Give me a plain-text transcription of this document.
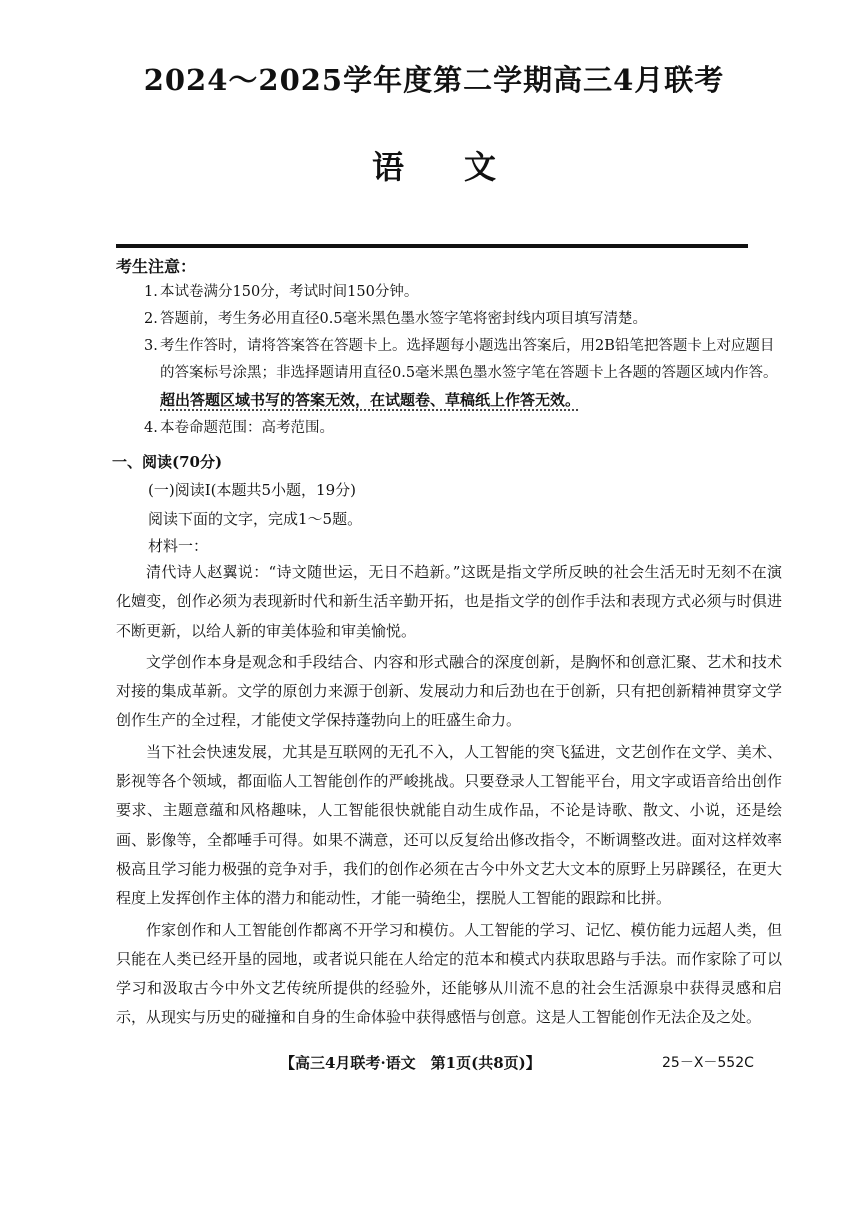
2024～2025学年度第二学期高三4月联考
语文
考生注意：
1. 本试卷满分150分，考试时间150分钟。
2. 答题前，考生务必用直径0.5毫米黑色墨水签字笔将密封线内项目填写清楚。
3. 考生作答时，请将答案答在答题卡上。选择题每小题选出答案后，用2B铅笔把答题卡上对应题目的答案标号涂黑；非选择题请用直径0.5毫米黑色墨水签字笔在答题卡上各题的答题区域内作答。超出答题区域书写的答案无效，在试题卷、草稿纸上作答无效。
4. 本卷命题范围：高考范围。
一、阅读(70分)
(一)阅读Ⅰ(本题共5小题，19分)
阅读下面的文字，完成1～5题。
材料一：

清代诗人赵翼说：“诗文随世运，无日不趋新。”这既是指文学所反映的社会生活无时无刻不在演化嬗变，创作必须为表现新时代和新生活辛勤开拓，也是指文学的创作手法和表现方式必须与时俱进不断更新，以给人新的审美体验和审美愉悦。

文学创作本身是观念和手段结合、内容和形式融合的深度创新，是胸怀和创意汇聚、艺术和技术对接的集成革新。文学的原创力来源于创新、发展动力和后劲也在于创新，只有把创新精神贯穿文学创作生产的全过程，才能使文学保持蓬勃向上的旺盛生命力。

当下社会快速发展，尤其是互联网的无孔不入，人工智能的突飞猛进，文艺创作在文学、美术、影视等各个领域，都面临人工智能创作的严峻挑战。只要登录人工智能平台，用文字或语音给出创作要求、主题意蕴和风格趣味，人工智能很快就能自动生成作品，不论是诗歌、散文、小说，还是绘画、影像等，全都唾手可得。如果不满意，还可以反复给出修改指令，不断调整改进。面对这样效率极高且学习能力极强的竞争对手，我们的创作必须在古今中外文艺大文本的原野上另辟蹊径，在更大程度上发挥创作主体的潜力和能动性，才能一骑绝尘，摆脱人工智能的跟踪和比拼。

作家创作和人工智能创作都离不开学习和模仿。人工智能的学习、记忆、模仿能力远超人类，但只能在人类已经开垦的园地，或者说只能在人给定的范本和模式内获取思路与手法。而作家除了可以学习和汲取古今中外文艺传统所提供的经验外，还能够从川流不息的社会生活源泉中获得灵感和启示，从现实与历史的碰撞和自身的生命体验中获得感悟与创意。这是人工智能创作无法企及之处。

【高三4月联考·语文　第1页(共8页)】	25－X－552C
